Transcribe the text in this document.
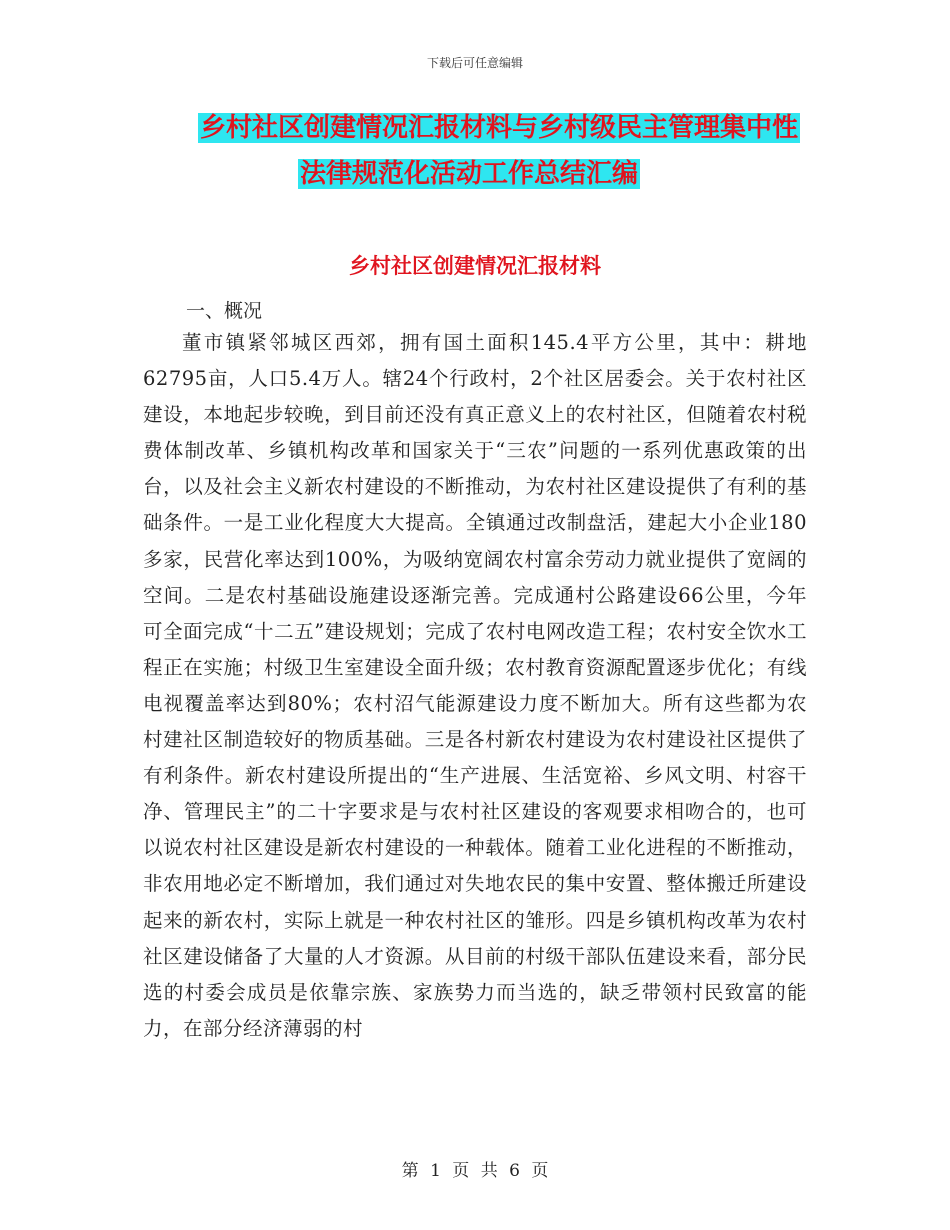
下载后可任意编辑
乡村社区创建情况汇报材料与乡村级民主管理集中性
法律规范化活动工作总结汇编
乡村社区创建情况汇报材料
一、概况

董市镇紧邻城区西郊，拥有国土面积145.4平方公里，其中：耕地62795亩，人口5.4万人。辖24个行政村，2个社区居委会。关于农村社区建设，本地起步较晚，到目前还没有真正意义上的农村社区，但随着农村税费体制改革、乡镇机构改革和国家关于“三农”问题的一系列优惠政策的出台，以及社会主义新农村建设的不断推动，为农村社区建设提供了有利的基础条件。一是工业化程度大大提高。全镇通过改制盘活，建起大小企业180多家，民营化率达到100%，为吸纳宽阔农村富余劳动力就业提供了宽阔的空间。二是农村基础设施建设逐渐完善。完成通村公路建设66公里，今年可全面完成“十二五”建设规划；完成了农村电网改造工程；农村安全饮水工程正在实施；村级卫生室建设全面升级；农村教育资源配置逐步优化；有线电视覆盖率达到80%；农村沼气能源建设力度不断加大。所有这些都为农村建社区制造较好的物质基础。三是各村新农村建设为农村建设社区提供了有利条件。新农村建设所提出的“生产进展、生活宽裕、乡风文明、村容干净、管理民主”的二十字要求是与农村社区建设的客观要求相吻合的，也可以说农村社区建设是新农村建设的一种载体。随着工业化进程的不断推动，非农用地必定不断增加，我们通过对失地农民的集中安置、整体搬迁所建设起来的新农村，实际上就是一种农村社区的雏形。四是乡镇机构改革为农村社区建设储备了大量的人才资源。从目前的村级干部队伍建设来看，部分民选的村委会成员是依靠宗族、家族势力而当选的，缺乏带领村民致富的能力，在部分经济薄弱的村

第 1 页 共 6 页
